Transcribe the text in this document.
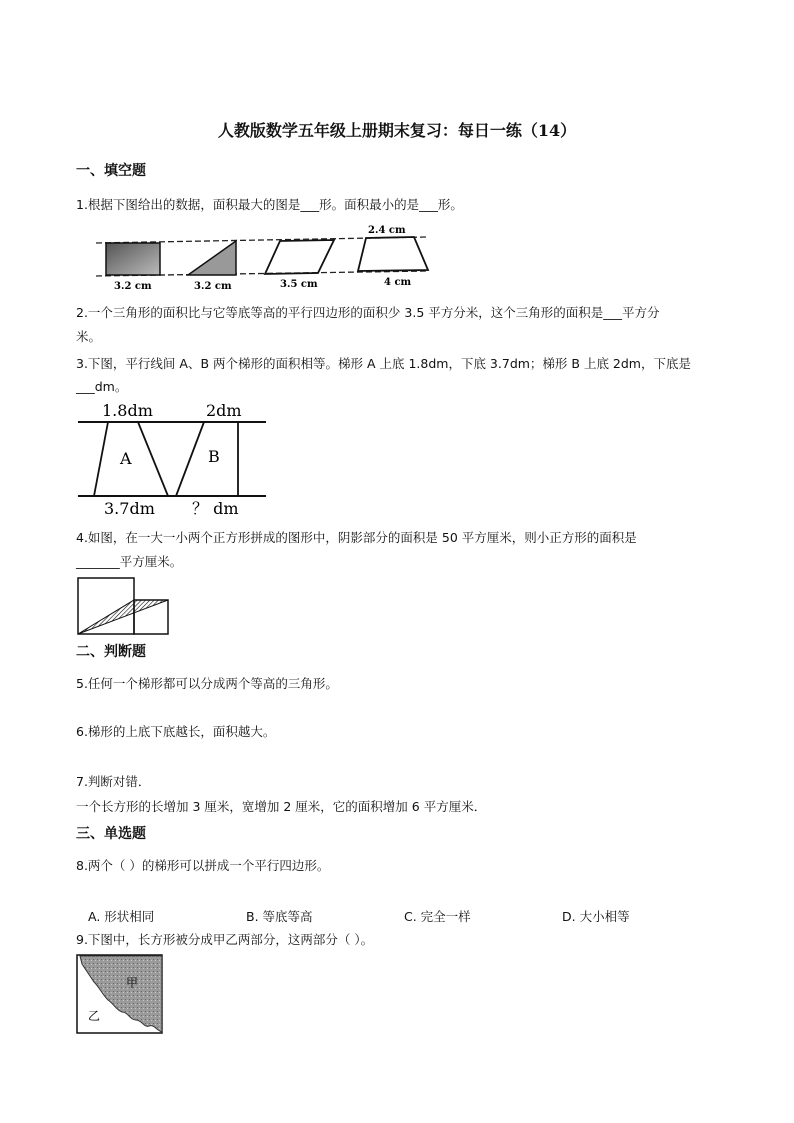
人教版数学五年级上册期末复习：每日一练（14）
一、填空题
1.根据下图给出的数据，面积最大的图是___形。面积最小的是___形。
3.2 cm	3.2 cm	3.5 cm	4 cm
2.4 cm
2.一个三角形的面积比与它等底等高的平行四边形的面积少 3.5 平方分米，这个三角形的面积是___平方分
米。
3.下图，平行线间 A、B 两个梯形的面积相等。梯形 A 上底 1.8dm，下底 3.7dm；梯形 B 上底 2dm，下底是
___dm。
1.8dm	2dm
A	B
3.7dm ？ dm
4.如图，在一大一小两个正方形拼成的图形中，阴影部分的面积是 50 平方厘米，则小正方形的面积是
_______平方厘米。
二、判断题
5.任何一个梯形都可以分成两个等高的三角形。
6.梯形的上底下底越长，面积越大。
7.判断对错．
一个长方形的长增加 3 厘米，宽增加 2 厘米，它的面积增加 6 平方厘米．
三、单选题
8.两个（ ）的梯形可以拼成一个平行四边形。
A. 形状相同	B. 等底等高	C. 完全一样	D. 大小相等
9.下图中，长方形被分成甲乙两部分，这两部分（ ）。
甲
乙
